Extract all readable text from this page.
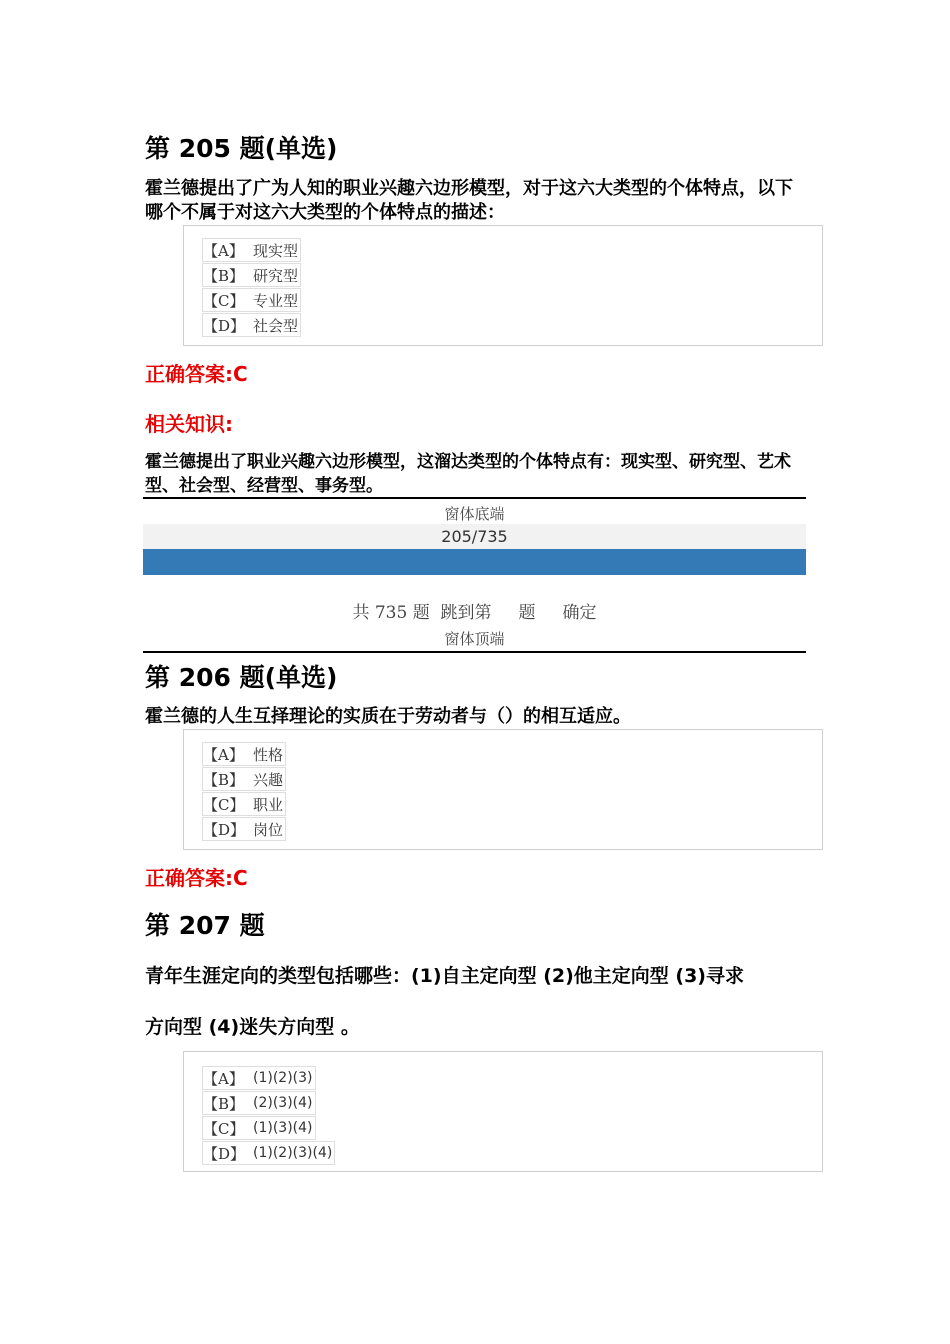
第 205 题(单选)
霍兰德提出了广为人知的职业兴趣六边形模型，对于这六大类型的个体特点，以下哪个不属于对这六大类型的个体特点的描述：
【A】 现实型
【B】 研究型
【C】 专业型
【D】 社会型
正确答案:C
相关知识:
霍兰德提出了职业兴趣六边形模型，这溜达类型的个体特点有：现实型、研究型、艺术型、社会型、经营型、事务型。
窗体底端
205/735
共 735 题  跳到第     题     确定
窗体顶端
第 206 题(单选)
霍兰德的人生互择理论的实质在于劳动者与（）的相互适应。
【A】 性格
【B】 兴趣
【C】 职业
【D】 岗位
正确答案:C
第 207 题
青年生涯定向的类型包括哪些：(1)自主定向型 (2)他主定向型 (3)寻求
方向型 (4)迷失方向型 。
【A】 (1)(2)(3)
【B】 (2)(3)(4)
【C】 (1)(3)(4)
【D】 (1)(2)(3)(4)
